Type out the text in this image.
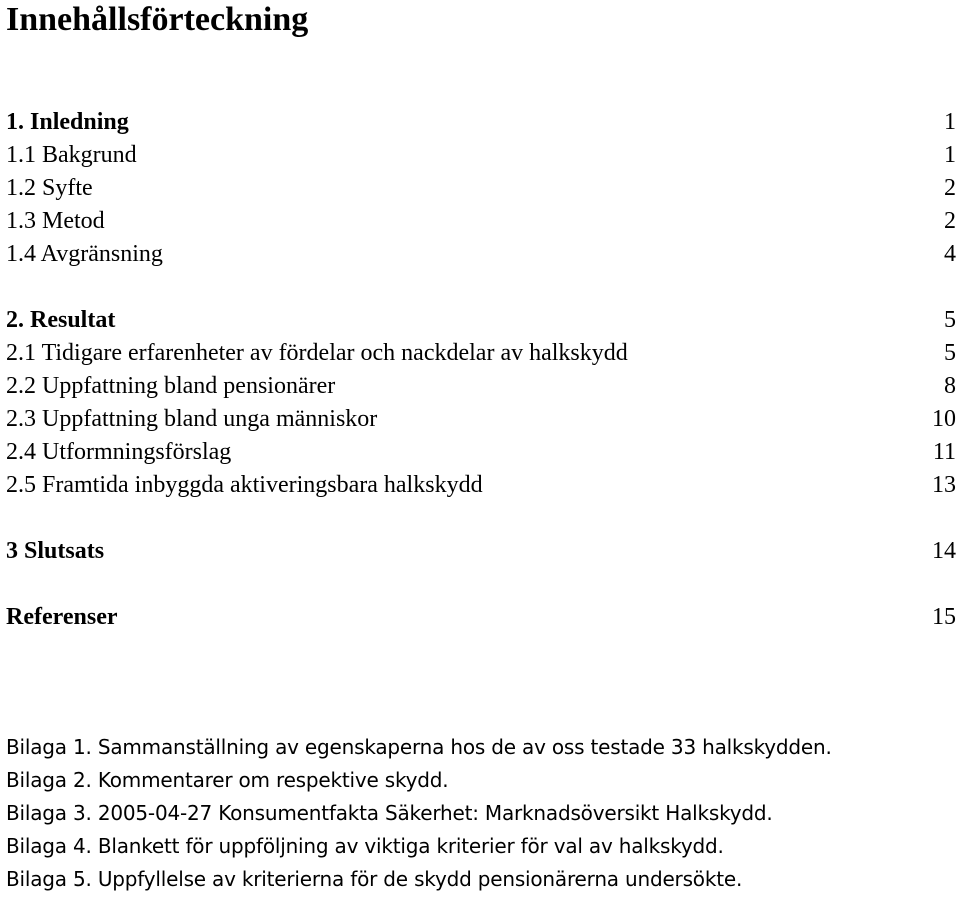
Innehållsförteckning
1. Inledning	1
1.1 Bakgrund	1
1.2 Syfte	2
1.3 Metod	2
1.4 Avgränsning	4
2. Resultat	5
2.1 Tidigare erfarenheter av fördelar och nackdelar av halkskydd	5
2.2 Uppfattning bland pensionärer	8
2.3 Uppfattning bland unga människor	10
2.4 Utformningsförslag	11
2.5 Framtida inbyggda aktiveringsbara halkskydd	13
3 Slutsats	14
Referenser	15
Bilaga 1. Sammanställning av egenskaperna hos de av oss testade 33 halkskydden.
Bilaga 2. Kommentarer om respektive skydd.
Bilaga 3. 2005-04-27 Konsumentfakta Säkerhet: Marknadsöversikt Halkskydd.
Bilaga 4. Blankett för uppföljning av viktiga kriterier för val av halkskydd.
Bilaga 5. Uppfyllelse av kriterierna för de skydd pensionärerna undersökte.
